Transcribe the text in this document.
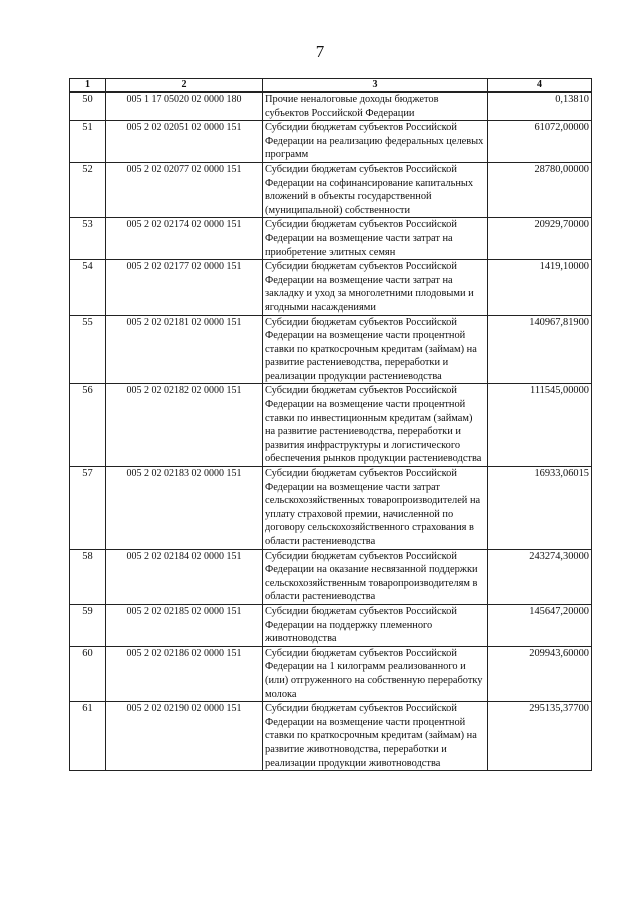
7
1	2	3	4
50	005 1 17 05020 02 0000 180	Прочие неналоговые доходы бюджетов субъектов Российской Федерации	0,13810
51	005 2 02 02051 02 0000 151	Субсидии бюджетам субъектов Российской Федерации на реализацию федеральных целевых программ	61072,00000
52	005 2 02 02077 02 0000 151	Субсидии бюджетам субъектов Российской Федерации на софинансирование капитальных вложений в объекты государственной (муниципальной) собственности	28780,00000
53	005 2 02 02174 02 0000 151	Субсидии бюджетам субъектов Российской Федерации на возмещение части затрат на приобретение элитных семян	20929,70000
54	005 2 02 02177 02 0000 151	Субсидии бюджетам субъектов Российской Федерации на возмещение части затрат на закладку и уход за многолетними плодовыми и ягодными насаждениями	1419,10000
55	005 2 02 02181 02 0000 151	Субсидии бюджетам субъектов Российской Федерации на возмещение части процентной ставки по краткосрочным кредитам (займам) на развитие растениеводства, переработки и реализации продукции растениеводства	140967,81900
56	005 2 02 02182 02 0000 151	Субсидии бюджетам субъектов Российской Федерации на возмещение части процентной ставки по инвестиционным кредитам (займам) на развитие растениеводства, переработки и развития инфраструктуры и логистического обеспечения рынков продукции растениеводства	111545,00000
57	005 2 02 02183 02 0000 151	Субсидии бюджетам субъектов Российской Федерации на возмещение части затрат сельскохозяйственных товаропроизводителей на уплату страховой премии, начисленной по договору сельскохозяйственного страхования в области растениеводства	16933,06015
58	005 2 02 02184 02 0000 151	Субсидии бюджетам субъектов Российской Федерации на оказание несвязанной поддержки сельскохозяйственным товаропроизводителям в области растениеводства	243274,30000
59	005 2 02 02185 02 0000 151	Субсидии бюджетам субъектов Российской Федерации на поддержку племенного животноводства	145647,20000
60	005 2 02 02186 02 0000 151	Субсидии бюджетам субъектов Российской Федерации на 1 килограмм реализованного и (или) отгруженного на собственную переработку молока	209943,60000
61	005 2 02 02190 02 0000 151	Субсидии бюджетам субъектов Российской Федерации на возмещение части процентной ставки по краткосрочным кредитам (займам) на развитие животноводства, переработки и реализации продукции животноводства	295135,37700
